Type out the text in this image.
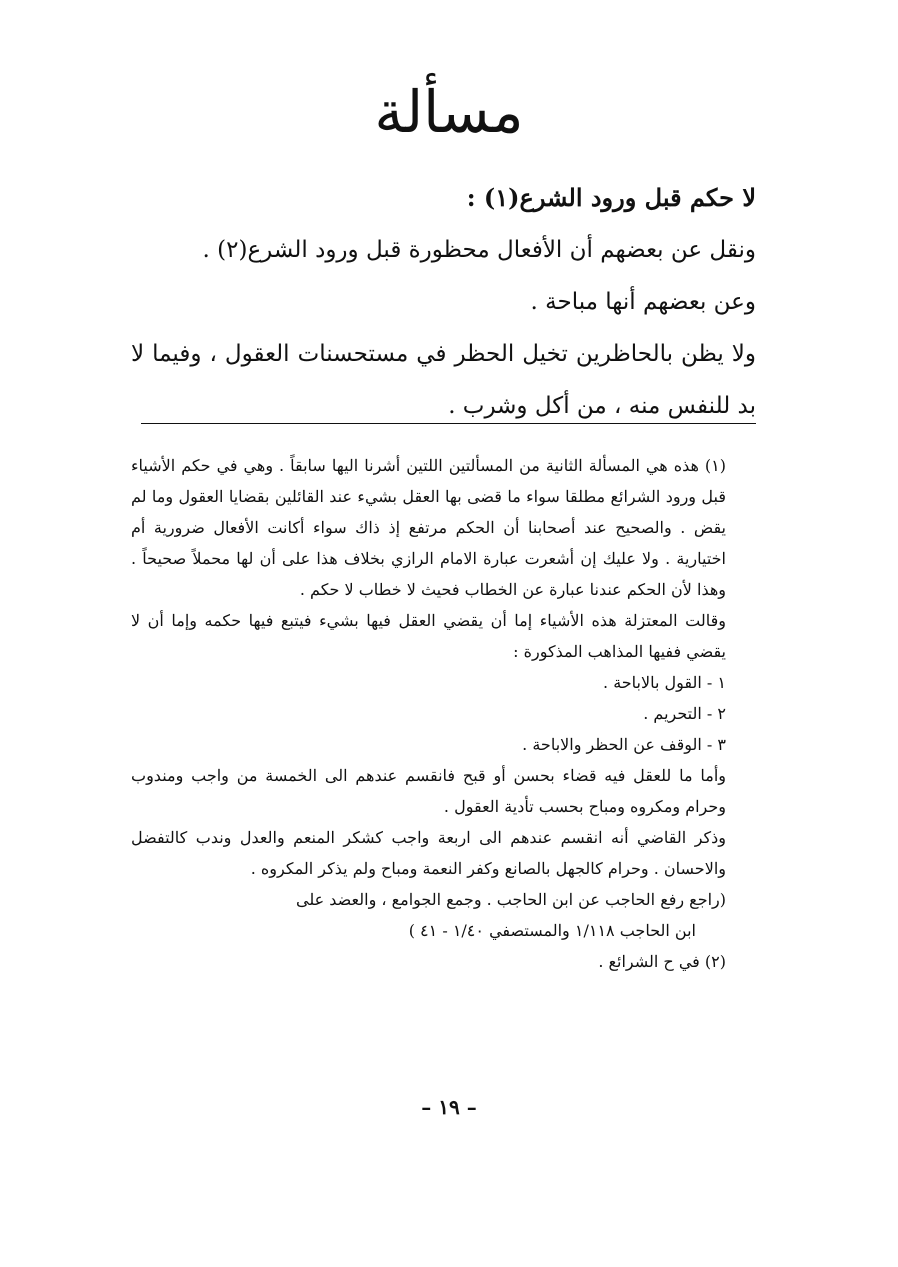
مسألة

لا حكم قبل ورود الشرع(١) :

ونقل عن بعضهم أن الأفعال محظورة قبل ورود الشرع(٢) .

وعن بعضهم أنها مباحة .

ولا يظن بالحاظرين تخيل الحظر في مستحسنات العقول ، وفيما لا بد للنفس منه ، من أكل وشرب .

(١) هذه هي المسألة الثانية من المسألتين اللتين أشرنا اليها سابقاً . وهي في حكم الأشياء قبل ورود الشرائع مطلقا سواء ما قضى بها العقل بشيء عند القائلين بقضايا العقول وما لم يقض . والصحيح عند أصحابنا أن الحكم مرتفع إذ ذاك سواء أكانت الأفعال ضرورية أم اختيارية . ولا عليك إن أشعرت عبارة الامام الرازي بخلاف هذا على أن لها محملاً صحيحاً . وهذا لأن الحكم عندنا عبارة عن الخطاب فحيث لا خطاب لا حكم .

وقالت المعتزلة هذه الأشياء إما أن يقضي العقل فيها بشيء فيتبع فيها حكمه وإما أن لا يقضي ففيها المذاهب المذكورة :

١ - القول بالاباحة .

٢ - التحريم .

٣ - الوقف عن الحظر والاباحة .

وأما ما للعقل فيه قضاء بحسن أو قبح فانقسم عندهم الى الخمسة من واجب ومندوب وحرام ومكروه ومباح بحسب تأدية العقول .

وذكر القاضي أنه انقسم عندهم الى اربعة واجب كشكر المنعم والعدل وندب كالتفضل والاحسان . وحرام كالجهل بالصانع وكفر النعمة ومباح ولم يذكر المكروه .

(راجع رفع الحاجب عن ابن الحاجب . وجمع الجوامع ، والعضد على

ابن الحاجب ١/١١٨ والمستصفي ١/٤٠ - ٤١ )

(٢) في ح الشرائع .

– ١٩ –
